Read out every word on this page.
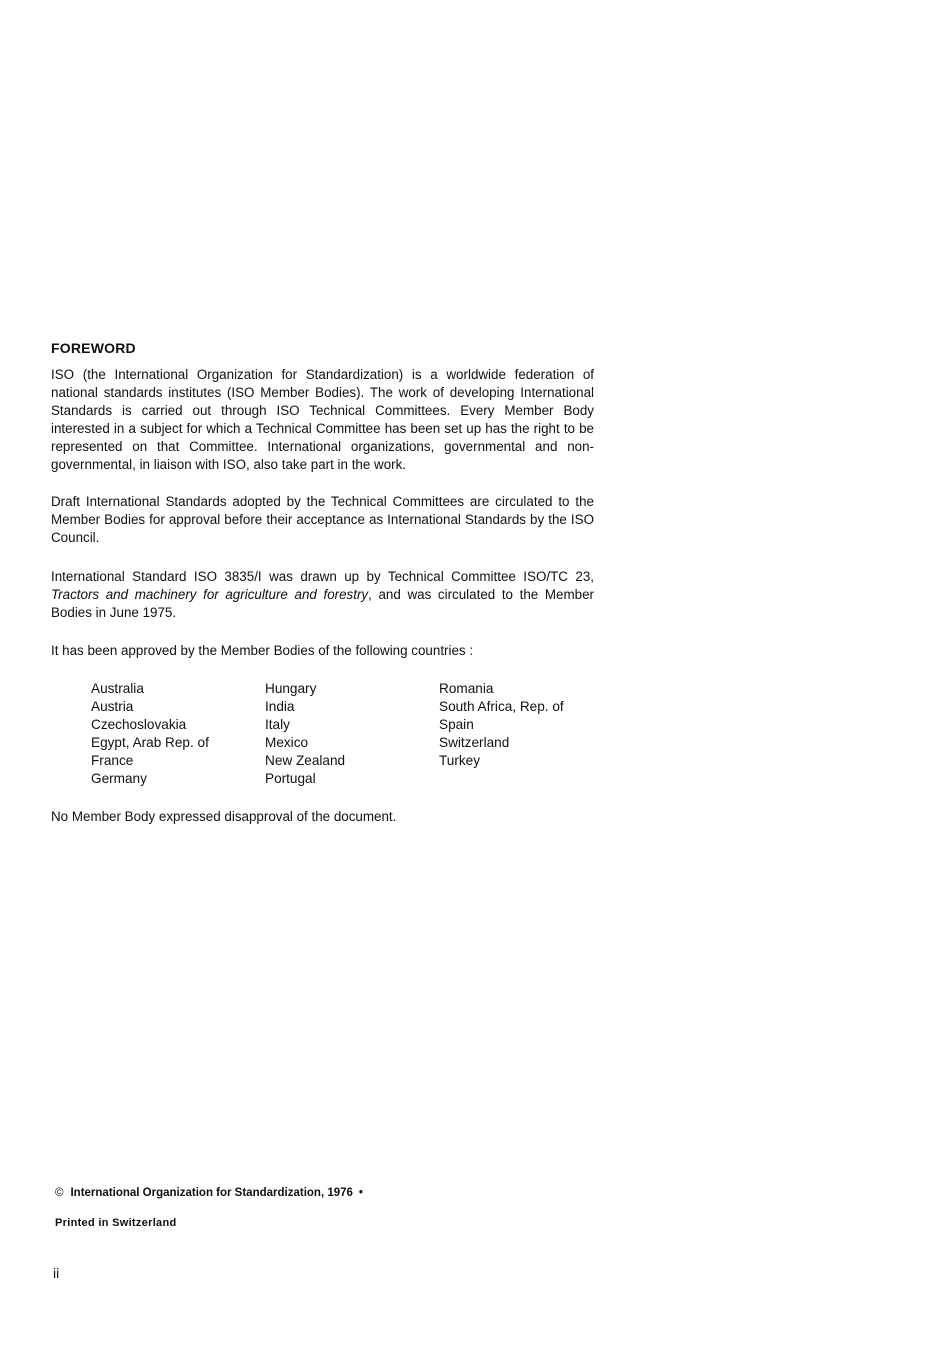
FOREWORD

ISO (the International Organization for Standardization) is a worldwide federation of national standards institutes (ISO Member Bodies). The work of developing International Standards is carried out through ISO Technical Committees. Every Member Body interested in a subject for which a Technical Committee has been set up has the right to be represented on that Committee. International organizations, governmental and non-governmental, in liaison with ISO, also take part in the work.

Draft International Standards adopted by the Technical Committees are circulated to the Member Bodies for approval before their acceptance as International Standards by the ISO Council.

International Standard ISO 3835/I was drawn up by Technical Committee ISO/TC 23, Tractors and machinery for agriculture and forestry, and was circulated to the Member Bodies in June 1975.

It has been approved by the Member Bodies of the following countries :

Australia
Austria
Czechoslovakia
Egypt, Arab Rep. of
France
Germany
Hungary
India
Italy
Mexico
New Zealand
Portugal
Romania
South Africa, Rep. of
Spain
Switzerland
Turkey

No Member Body expressed disapproval of the document.

© International Organization for Standardization, 1976 •
Printed in Switzerland
ii
